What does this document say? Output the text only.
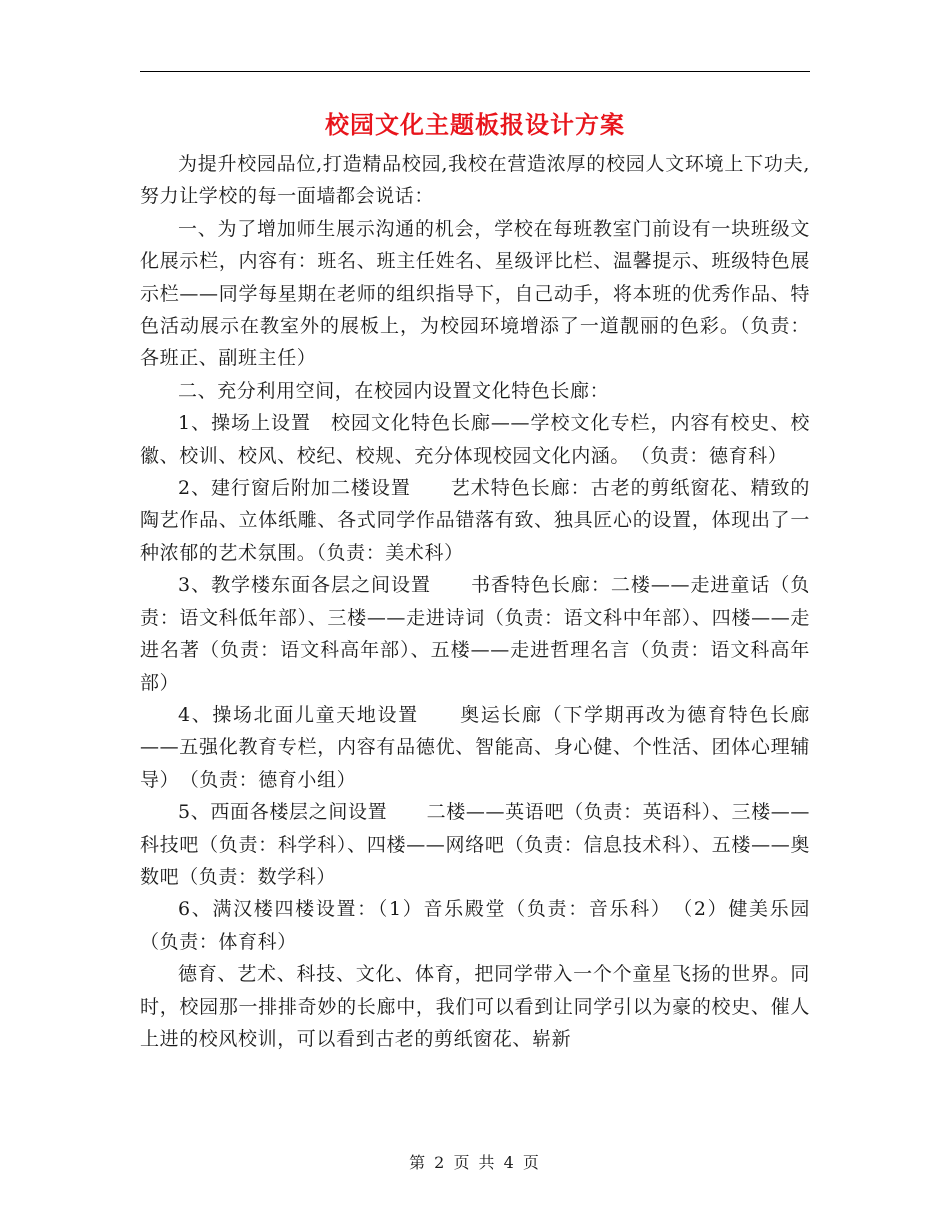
校园文化主题板报设计方案

为提升校园品位,打造精品校园,我校在营造浓厚的校园人文环境上下功夫,努力让学校的每一面墙都会说话：

一、为了增加师生展示沟通的机会，学校在每班教室门前设有一块班级文化展示栏，内容有：班名、班主任姓名、星级评比栏、温馨提示、班级特色展示栏——同学每星期在老师的组织指导下，自己动手，将本班的优秀作品、特色活动展示在教室外的展板上，为校园环境增添了一道靓丽的色彩。（负责：各班正、副班主任）

二、充分利用空间，在校园内设置文化特色长廊：

1、操场上设置　校园文化特色长廊——学校文化专栏，内容有校史、校徽、校训、校风、校纪、校规、充分体现校园文化内涵。　（负责：德育科）

2、建行窗后附加二楼设置　　艺术特色长廊：古老的剪纸窗花、精致的陶艺作品、立体纸雕、各式同学作品错落有致、独具匠心的设置，体现出了一种浓郁的艺术氛围。（负责：美术科）

3、教学楼东面各层之间设置　　书香特色长廊：二楼——走进童话（负责：语文科低年部）、三楼——走进诗词（负责：语文科中年部）、四楼——走进名著（负责：语文科高年部）、五楼——走进哲理名言（负责：语文科高年部）

4、操场北面儿童天地设置　　奥运长廊（下学期再改为德育特色长廊——五强化教育专栏，内容有品德优、智能高、身心健、个性活、团体心理辅导）　（负责：德育小组）

5、西面各楼层之间设置　　二楼——英语吧（负责：英语科）、三楼——科技吧（负责：科学科）、四楼——网络吧（负责：信息技术科）、五楼——奥数吧（负责：数学科）

6、满汉楼四楼设置：（1）音乐殿堂（负责：音乐科）　（2）健美乐园（负责：体育科）

德育、艺术、科技、文化、体育，把同学带入一个个童星飞扬的世界。同时，校园那一排排奇妙的长廊中，我们可以看到让同学引以为豪的校史、催人上进的校风校训，可以看到古老的剪纸窗花、崭新

第 2 页 共 4 页
